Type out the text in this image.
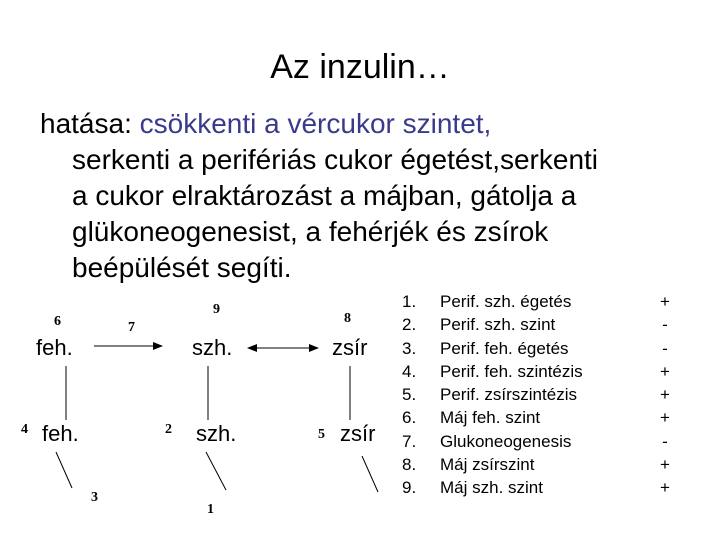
Az inzulin…
hatása: csökkenti a vércukor szintet,
serkenti a perifériás cukor égetést,serkenti
a cukor elraktározást a májban, gátolja a
glükoneogenesist, a fehérjék és zsírok
beépülését segíti.
feh.	szh.	zsír
feh.	szh.	zsír
6	7
9
8
4	2	5
3
1
1.	Perif. szh. égetés	+
2.	Perif. szh. szint	-
3.	Perif. feh. égetés	-
4.	Perif. feh. szintézis	+
5.	Perif. zsírszintézis	+
6.	Máj feh. szint	+
7.	Glukoneogenesis	-
8.	Máj zsírszint	+
9.	Máj szh. szint	+
